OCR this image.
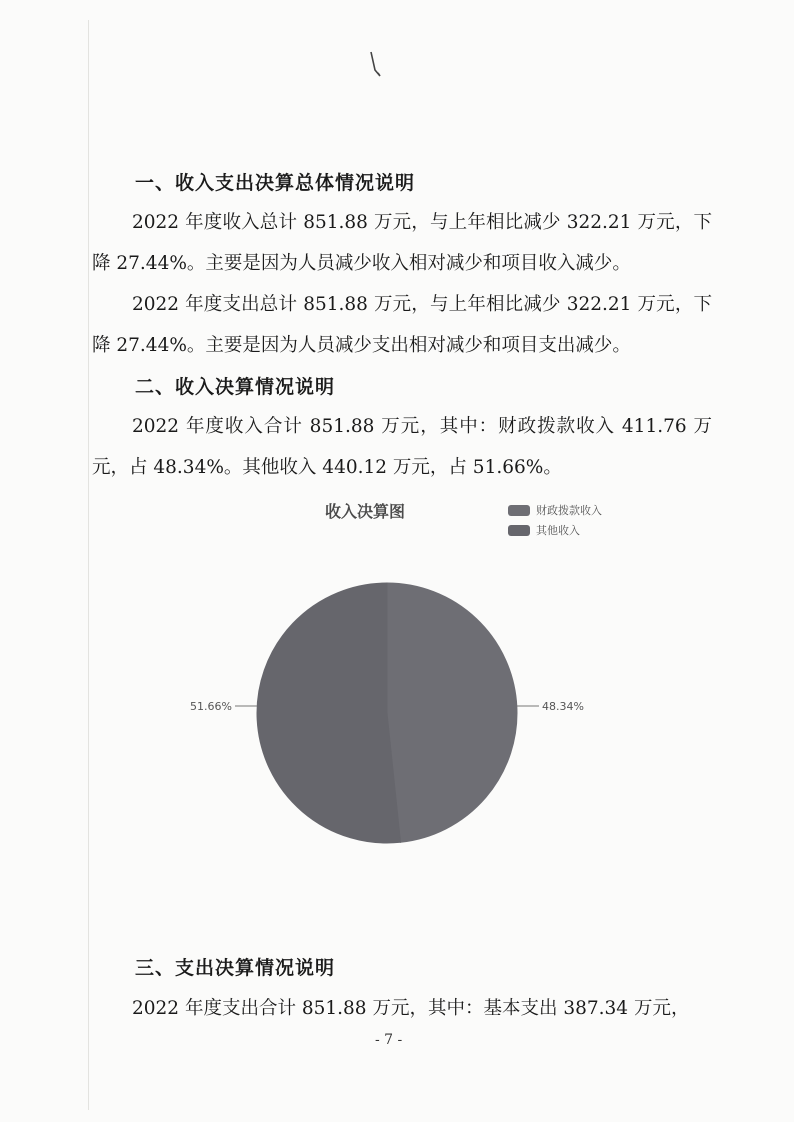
一、收入支出决算总体情况说明
2022 年度收入总计 851.88 万元，与上年相比减少 322.21 万元，下降 27.44%。主要是因为人员减少收入相对减少和项目收入减少。
2022 年度支出总计 851.88 万元，与上年相比减少 322.21 万元，下降 27.44%。主要是因为人员减少支出相对减少和项目支出减少。
二、收入决算情况说明
2022 年度收入合计 851.88 万元，其中：财政拨款收入 411.76 万元，占 48.34%。其他收入 440.12 万元，占 51.66%。
收入决算图	财政拨款收入
其他收入
48.34%
51.66%
三、支出决算情况说明
2022 年度支出合计 851.88 万元，其中：基本支出 387.34 万元，
- 7 -
